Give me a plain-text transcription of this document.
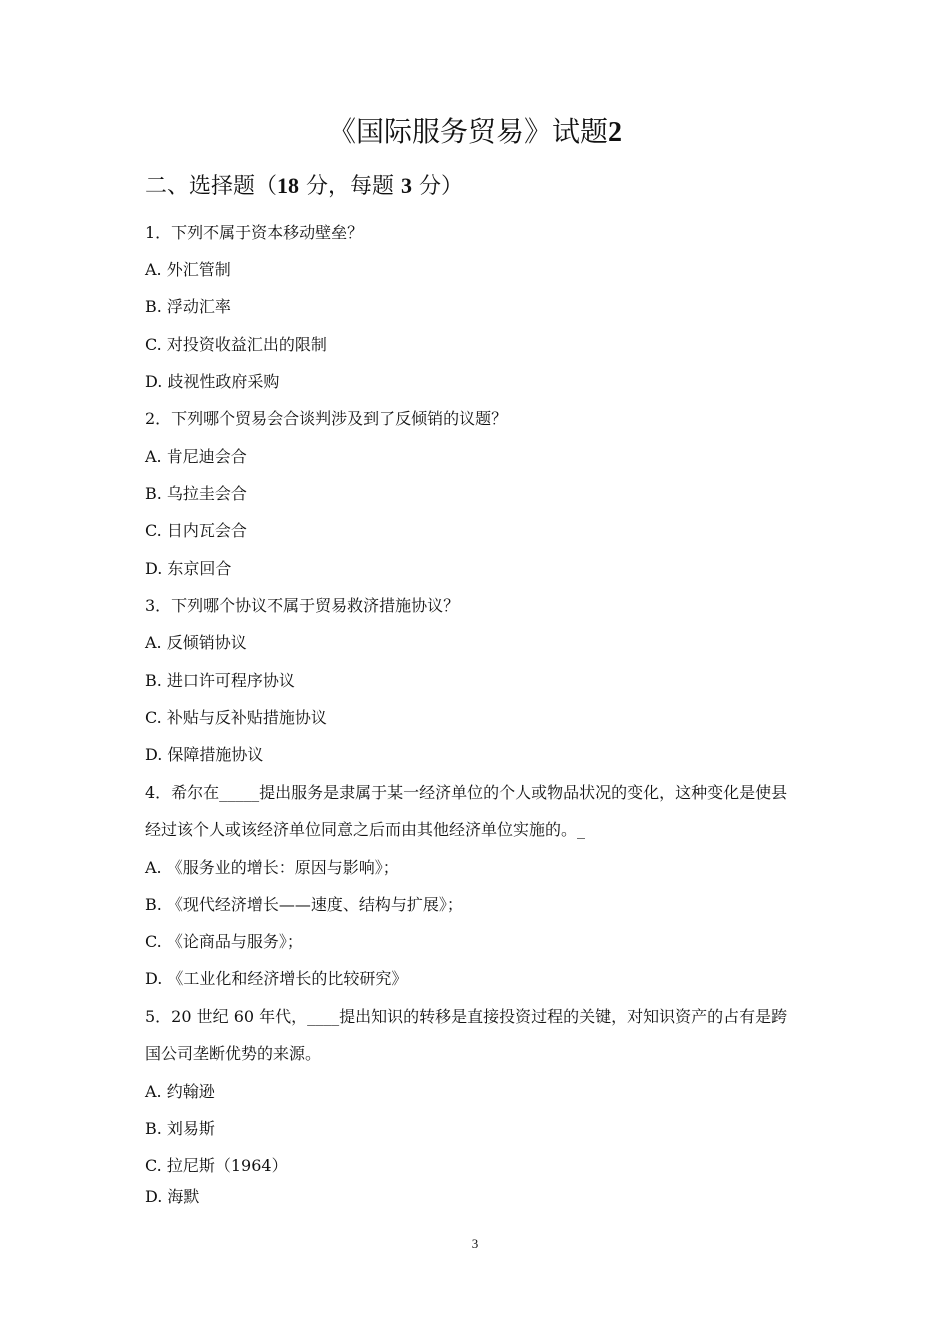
《国际服务贸易》试题2
二、选择题（18 分，每题 3 分）
1．下列不属于资本移动壁垒？
A. 外汇管制
B. 浮动汇率
C. 对投资收益汇出的限制
D. 歧视性政府采购
2．下列哪个贸易会合谈判涉及到了反倾销的议题？
A. 肯尼迪会合
B. 乌拉圭会合
C. 日内瓦会合
D. 东京回合
3．下列哪个协议不属于贸易救济措施协议？
A. 反倾销协议
B. 进口许可程序协议
C. 补贴与反补贴措施协议
D. 保障措施协议
4．希尔在_____提出服务是隶属于某一经济单位的个人或物品状况的变化，这种变化是使县
经过该个人或该经济单位同意之后而由其他经济单位实施的。_
A. 《服务业的增长：原因与影响》；
B. 《现代经济增长——速度、结构与扩展》；
C. 《论商品与服务》；
D. 《工业化和经济增长的比较研究》
5．20 世纪 60 年代，____提出知识的转移是直接投资过程的关键，对知识资产的占有是跨
国公司垄断优势的来源。
A. 约翰逊
B. 刘易斯
C. 拉尼斯（1964）
D. 海默
3
